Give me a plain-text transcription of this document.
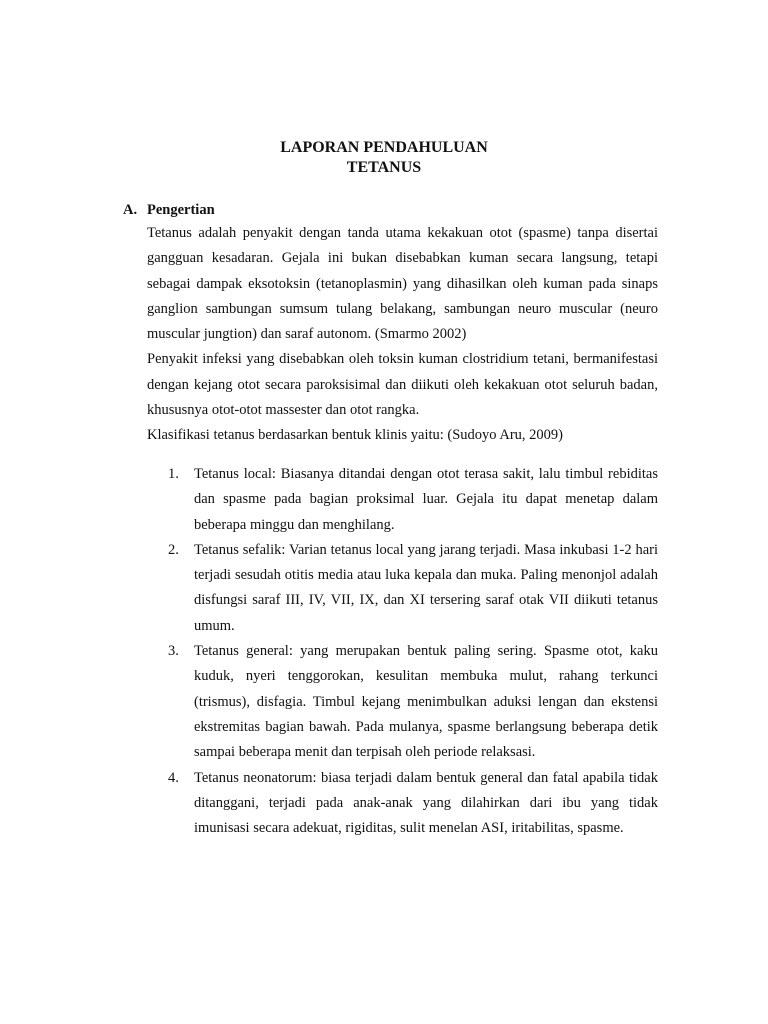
LAPORAN PENDAHULUAN
TETANUS
A. Pengertian
Tetanus adalah penyakit dengan tanda utama kekakuan otot (spasme) tanpa disertai gangguan kesadaran. Gejala ini bukan disebabkan kuman secara langsung, tetapi sebagai dampak eksotoksin (tetanoplasmin) yang dihasilkan oleh kuman pada sinaps ganglion sambungan sumsum tulang belakang, sambungan neuro muscular (neuro muscular jungtion) dan saraf autonom. (Smarmo 2002)
Penyakit infeksi yang disebabkan oleh toksin kuman clostridium tetani, bermanifestasi dengan kejang otot secara paroksisimal dan diikuti oleh kekakuan otot seluruh badan, khususnya otot-otot massester dan otot rangka.
Klasifikasi tetanus berdasarkan bentuk klinis yaitu: (Sudoyo Aru, 2009)
1. Tetanus local: Biasanya ditandai dengan otot terasa sakit, lalu timbul rebiditas dan spasme pada bagian proksimal luar. Gejala itu dapat menetap dalam beberapa minggu dan menghilang.
2. Tetanus sefalik: Varian tetanus local yang jarang terjadi. Masa inkubasi 1-2 hari terjadi sesudah otitis media atau luka kepala dan muka. Paling menonjol adalah disfungsi saraf III, IV, VII, IX, dan XI tersering saraf otak VII diikuti tetanus umum.
3. Tetanus general: yang merupakan bentuk paling sering. Spasme otot, kaku kuduk, nyeri tenggorokan, kesulitan membuka mulut, rahang terkunci (trismus), disfagia. Timbul kejang menimbulkan aduksi lengan dan ekstensi ekstremitas bagian bawah. Pada mulanya, spasme berlangsung beberapa detik sampai beberapa menit dan terpisah oleh periode relaksasi.
4. Tetanus neonatorum: biasa terjadi dalam bentuk general dan fatal apabila tidak ditanggani, terjadi pada anak-anak yang dilahirkan dari ibu yang tidak imunisasi secara adekuat, rigiditas, sulit menelan ASI, iritabilitas, spasme.
